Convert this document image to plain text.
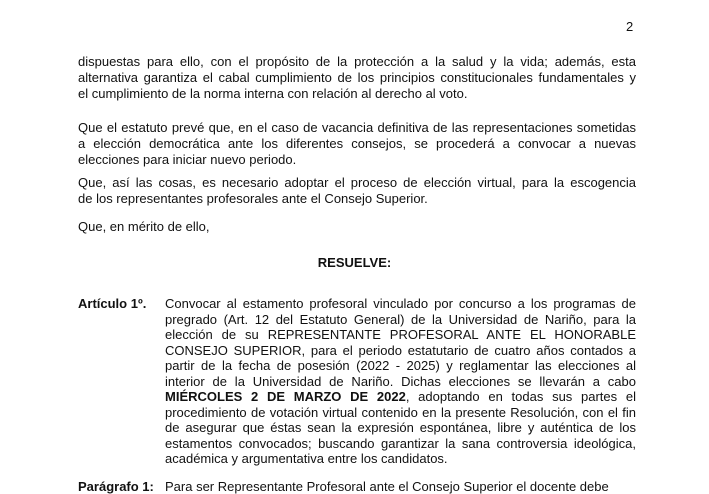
2
dispuestas para ello, con el propósito de la protección a la salud y la vida; además, esta
alternativa garantiza el cabal cumplimiento de los principios constitucionales fundamentales y
el cumplimiento de la norma interna con relación al derecho al voto.
Que el estatuto prevé que, en el caso de vacancia definitiva de las representaciones sometidas
a elección democrática ante los diferentes consejos, se procederá a convocar a nuevas
elecciones para iniciar nuevo periodo.
Que, así las cosas, es necesario adoptar el proceso de elección virtual, para la escogencia
de los representantes profesorales ante el Consejo Superior.
Que, en mérito de ello,
RESUELVE:
Artículo 1º. Convocar al estamento profesoral vinculado por concurso a los programas de
pregrado (Art. 12 del Estatuto General) de la Universidad de Nariño, para la
elección de su REPRESENTANTE PROFESORAL ANTE EL HONORABLE
CONSEJO SUPERIOR, para el periodo estatutario de cuatro años contados a
partir de la fecha de posesión (2022 - 2025) y reglamentar las elecciones al
interior de la Universidad de Nariño. Dichas elecciones se llevarán a cabo
MIÉRCOLES 2 DE MARZO DE 2022, adoptando en todas sus partes el
procedimiento de votación virtual contenido en la presente Resolución, con el fin
de asegurar que éstas sean la expresión espontánea, libre y auténtica de los
estamentos convocados; buscando garantizar la sana controversia ideológica,
académica y argumentativa entre los candidatos.
Parágrafo 1: Para ser Representante Profesoral ante el Consejo Superior el docente debe
